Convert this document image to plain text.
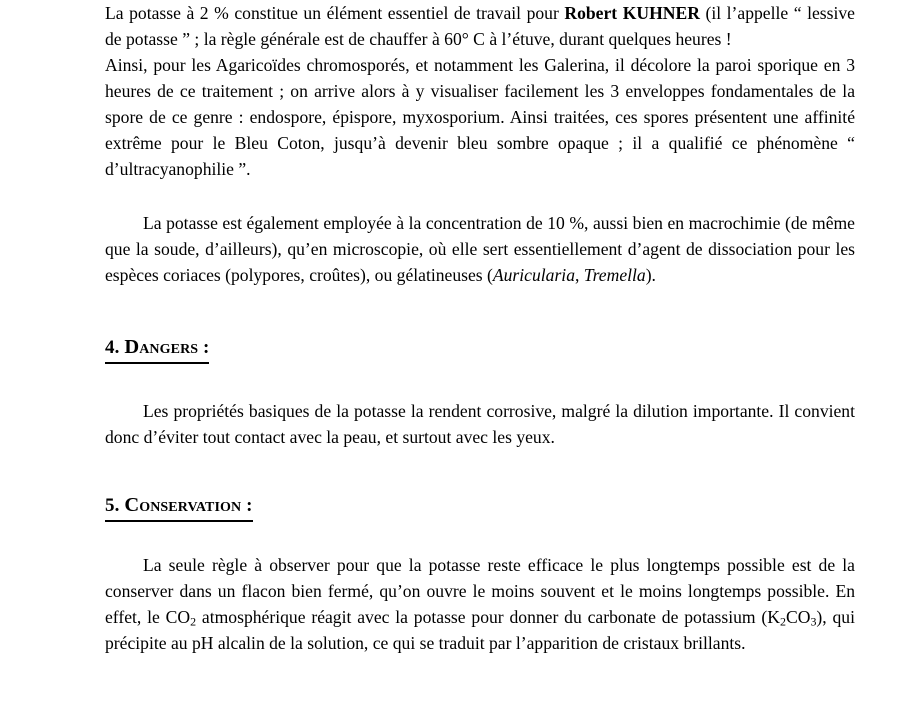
La potasse à 2 % constitue un élément essentiel de travail pour Robert KUHNER (il l’appelle “ lessive de potasse ” ; la règle générale est de chauffer à 60° C à l’étuve, durant quelques heures !

Ainsi, pour les Agaricoïdes chromosporés, et notamment les Galerina, il décolore la paroi sporique en 3 heures de ce traitement ; on arrive alors à y visualiser facilement les 3 enveloppes fondamentales de la spore de ce genre : endospore, épispore, myxosporium. Ainsi traitées, ces spores présentent une affinité extrême pour le Bleu Coton, jusqu’à devenir bleu sombre opaque ; il a qualifié ce phénomène “ d’ultracyanophilie ”.

La potasse est également employée à la concentration de 10 %, aussi bien en macrochimie (de même que la soude, d’ailleurs), qu’en microscopie, où elle sert essentiellement d’agent de dissociation pour les espèces coriaces (polypores, croûtes), ou gélatineuses (Auricularia, Tremella).

4. Dangers :

Les propriétés basiques de la potasse la rendent corrosive, malgré la dilution importante. Il convient donc d’éviter tout contact avec la peau, et surtout avec les yeux.

5. Conservation :

La seule règle à observer pour que la potasse reste efficace le plus longtemps possible est de la conserver dans un flacon bien fermé, qu’on ouvre le moins souvent et le moins longtemps possible. En effet, le $CO_2$ atmosphérique réagit avec la potasse pour donner du carbonate de potassium $(K_2CO_3)$, qui précipite au pH alcalin de la solution, ce qui se traduit par l’apparition de cristaux brillants.
